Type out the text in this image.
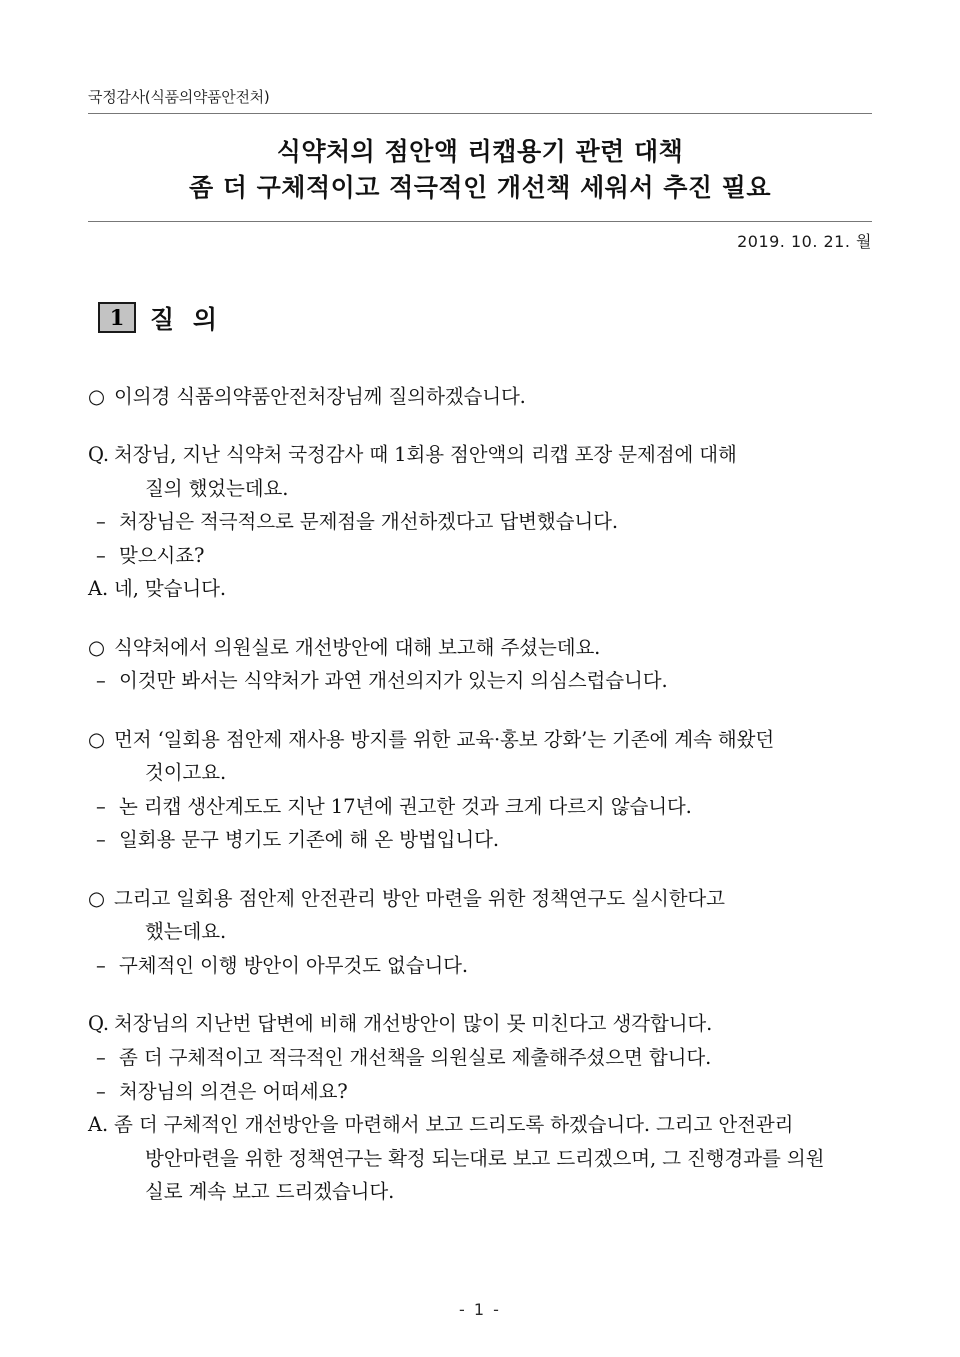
국정감사(식품의약품안전처)
식약처의 점안액 리캡용기 관련 대책
좀 더 구체적이고 적극적인 개선책 세워서 추진 필요
2019. 10. 21. 월
1	질 의
○ 이의경 식품의약품안전처장님께 질의하겠습니다.
Q. 처장님, 지난 식약처 국정감사 때 1회용 점안액의 리캡 포장 문제점에 대해
질의 했었는데요.
– 처장님은 적극적으로 문제점을 개선하겠다고 답변했습니다.
– 맞으시죠?
A. 네, 맞습니다.
○ 식약처에서 의원실로 개선방안에 대해 보고해 주셨는데요.
– 이것만 봐서는 식약처가 과연 개선의지가 있는지 의심스럽습니다.
○ 먼저 ‘일회용 점안제 재사용 방지를 위한 교육·홍보 강화’는 기존에 계속 해왔던
것이고요.
– 논 리캡 생산계도도 지난 17년에 권고한 것과 크게 다르지 않습니다.
– 일회용 문구 병기도 기존에 해 온 방법입니다.
○ 그리고 일회용 점안제 안전관리 방안 마련을 위한 정책연구도 실시한다고
했는데요.
– 구체적인 이행 방안이 아무것도 없습니다.
Q. 처장님의 지난번 답변에 비해 개선방안이 많이 못 미친다고 생각합니다.
– 좀 더 구체적이고 적극적인 개선책을 의원실로 제출해주셨으면 합니다.
– 처장님의 의견은 어떠세요?
A. 좀 더 구체적인 개선방안을 마련해서 보고 드리도록 하겠습니다. 그리고 안전관리
방안마련을 위한 정책연구는 확정 되는대로 보고 드리겠으며, 그 진행경과를 의원
실로 계속 보고 드리겠습니다.
- 1 -
